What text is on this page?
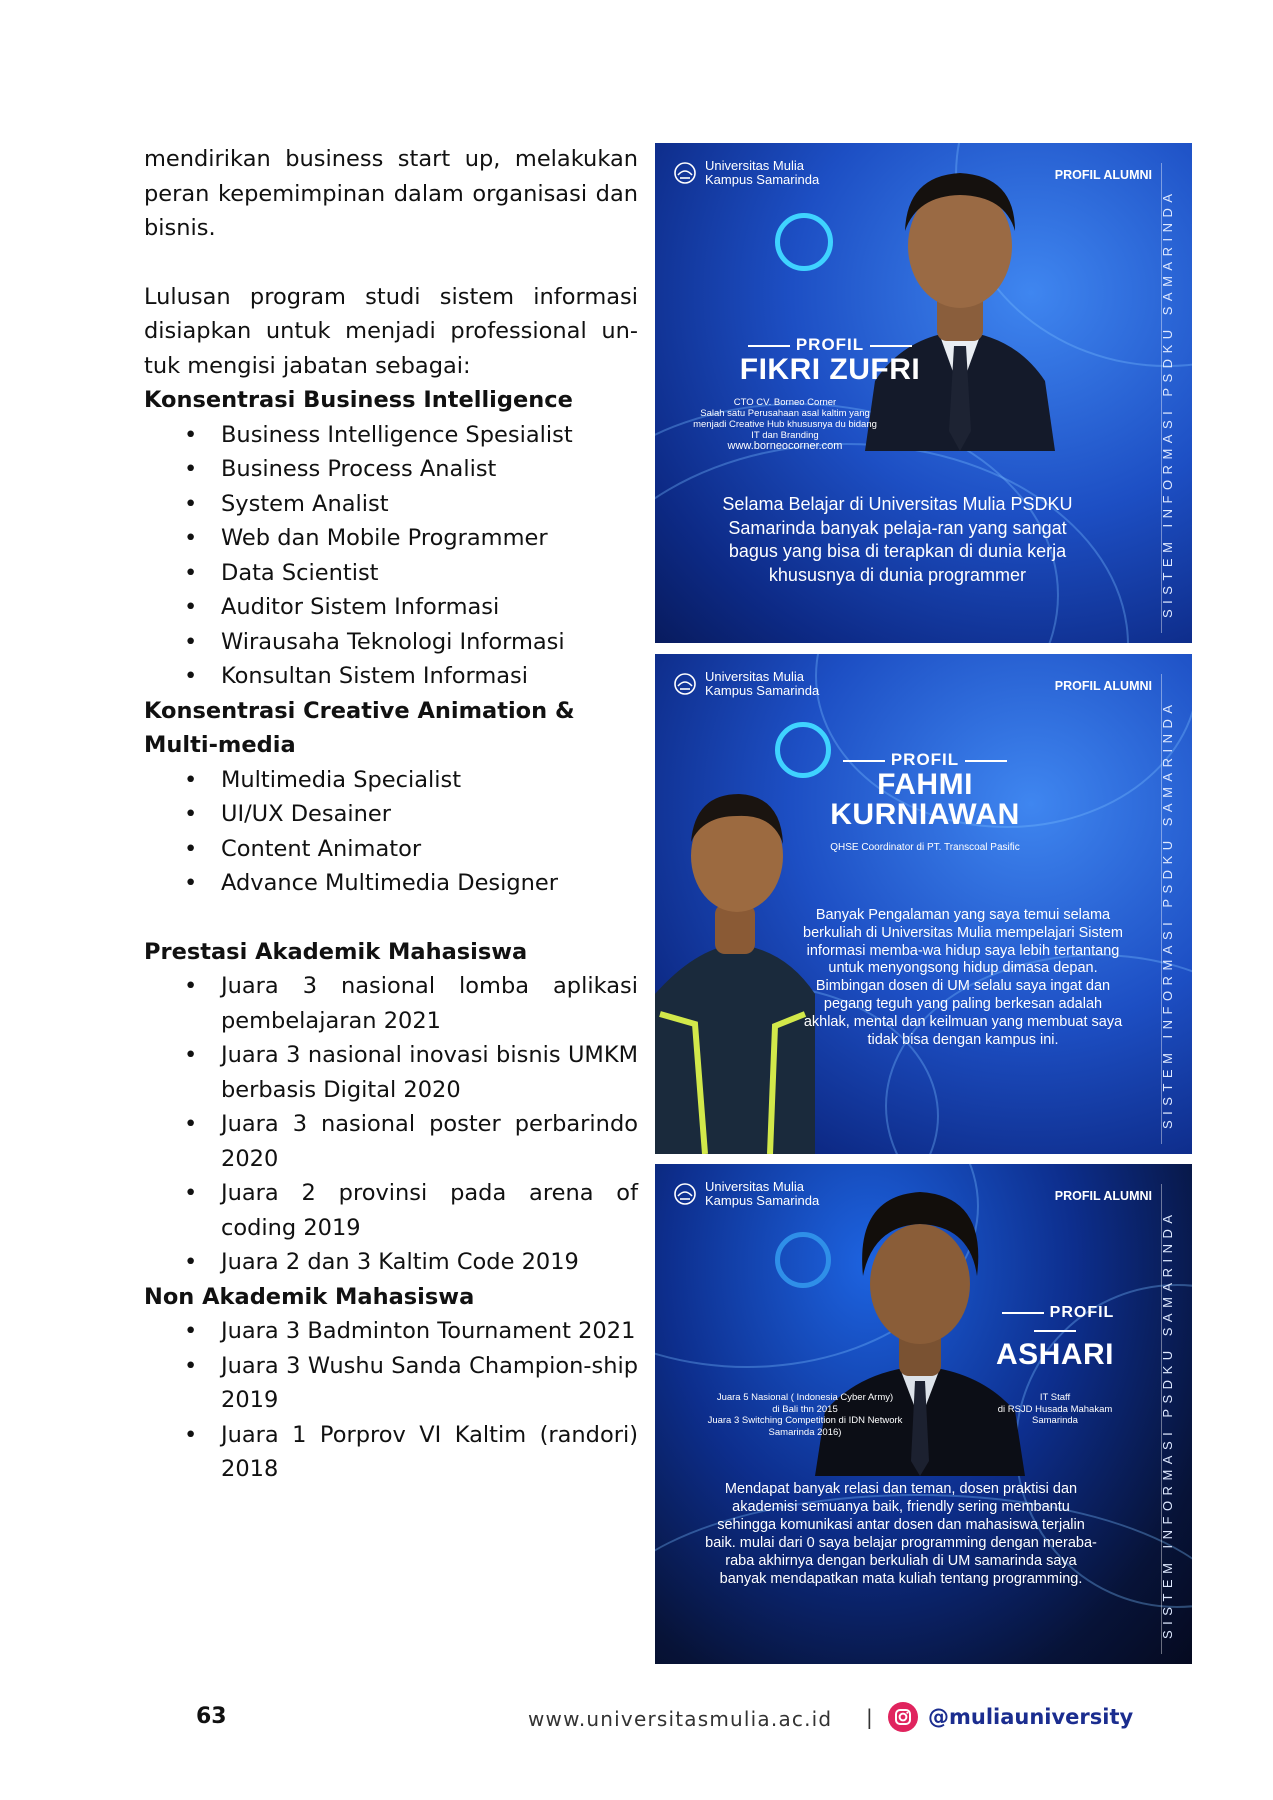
mendirikan business start up, melakukan peran kepemimpinan dalam organisasi dan bisnis.

Lulusan program studi sistem informasi disiapkan untuk menjadi professional un-tuk mengisi jabatan sebagai:

Konsentrasi Business Intelligence
• Business Intelligence Spesialist
• Business Process Analist
• System Analist
• Web dan Mobile Programmer
• Data Scientist
• Auditor Sistem Informasi
• Wirausaha Teknologi Informasi
• Konsultan Sistem Informasi
Konsentrasi Creative Animation & Multi-media
• Multimedia Specialist
• UI/UX Desainer
• Content Animator
• Advance Multimedia Designer
Prestasi Akademik Mahasiswa
• Juara 3 nasional lomba aplikasi pembelajaran 2021
• Juara 3 nasional inovasi bisnis UMKM berbasis Digital 2020
• Juara 3 nasional poster perbarindo 2020
• Juara 2 provinsi pada arena of coding 2019
• Juara 2 dan 3 Kaltim Code 2019
Non Akademik Mahasiswa
• Juara 3 Badminton Tournament 2021
• Juara 3 Wushu Sanda Champion-ship 2019
• Juara 1 Porprov VI Kaltim (randori) 2018
Universitas Mulia
Kampus Samarinda	PROFIL ALUMNI
SISTEM INFORMASI PSDKU SAMARINDA
PROFIL
FIKRI ZUFRI
CTO CV. Borneo Corner
Salah satu Perusahaan asal kaltim yang
menjadi Creative Hub khususnya du bidang
IT dan Branding
www.borneocorner.com
Selama Belajar di Universitas Mulia PSDKU Samarinda banyak pelaja-ran yang sangat bagus yang bisa di terapkan di dunia kerja khususnya di dunia programmer
Universitas Mulia
Kampus Samarinda	PROFIL ALUMNI
SISTEM INFORMASI PSDKU SAMARINDA
PROFIL
FAHMI
KURNIAWAN
QHSE Coordinator di PT. Transcoal Pasific
Banyak Pengalaman yang saya temui selama berkuliah di Universitas Mulia mempelajari Sistem informasi memba-wa hidup saya lebih tertantang untuk menyongsong hidup dimasa depan. Bimbingan dosen di UM selalu saya ingat dan pegang teguh yang paling berkesan adalah akhlak, mental dan keilmuan yang membuat saya tidak bisa dengan kampus ini.
Universitas Mulia
Kampus Samarinda	PROFIL ALUMNI
SISTEM INFORMASI PSDKU SAMARINDA
PROFIL
ASHARI
Juara 5 Nasional ( Indonesia Cyber Army)
di Bali thn 2015
Juara 3 Switching Competition di IDN Network
Samarinda 2016)
IT Staff
di RSJD Husada Mahakam
Samarinda
Mendapat banyak relasi dan teman, dosen praktisi dan akademisi semuanya baik, friendly sering membantu sehingga komunikasi antar dosen dan mahasiswa terjalin baik. mulai dari 0 saya belajar programming dengan meraba-raba akhirnya dengan berkuliah di UM samarinda saya banyak mendapatkan mata kuliah tentang programming.
63	www.universitasmulia.ac.id |	@muliauniversity
